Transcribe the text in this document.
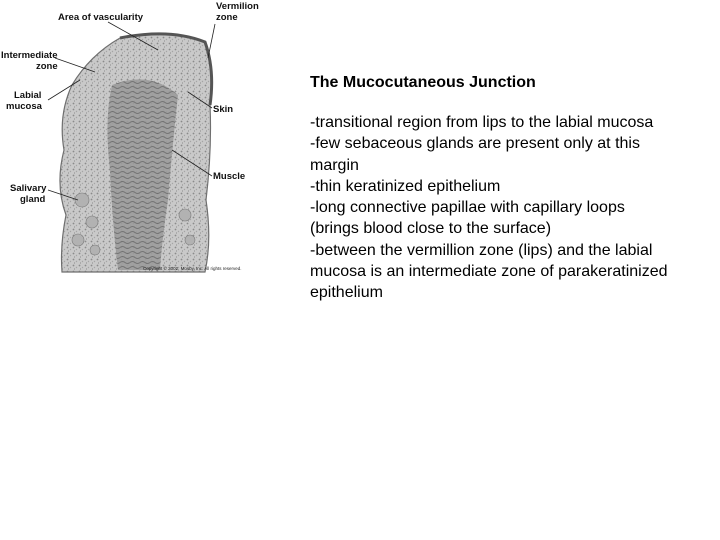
Area of vascularity
Vermilion
zone
Intermediate
zone
Labial
mucosa	Skin
Muscle
Salivary
gland
Copyright © 2002, Mosby, Inc. All rights reserved.
The Mucocutaneous Junction

-transitional region from lips to the labial mucosa

-few sebaceous glands are present only at this

margin

-thin keratinized epithelium

-long connective papillae with capillary loops

(brings blood close to the surface)

-between the vermillion zone (lips) and the labial

mucosa is an intermediate zone of parakeratinized

epithelium
